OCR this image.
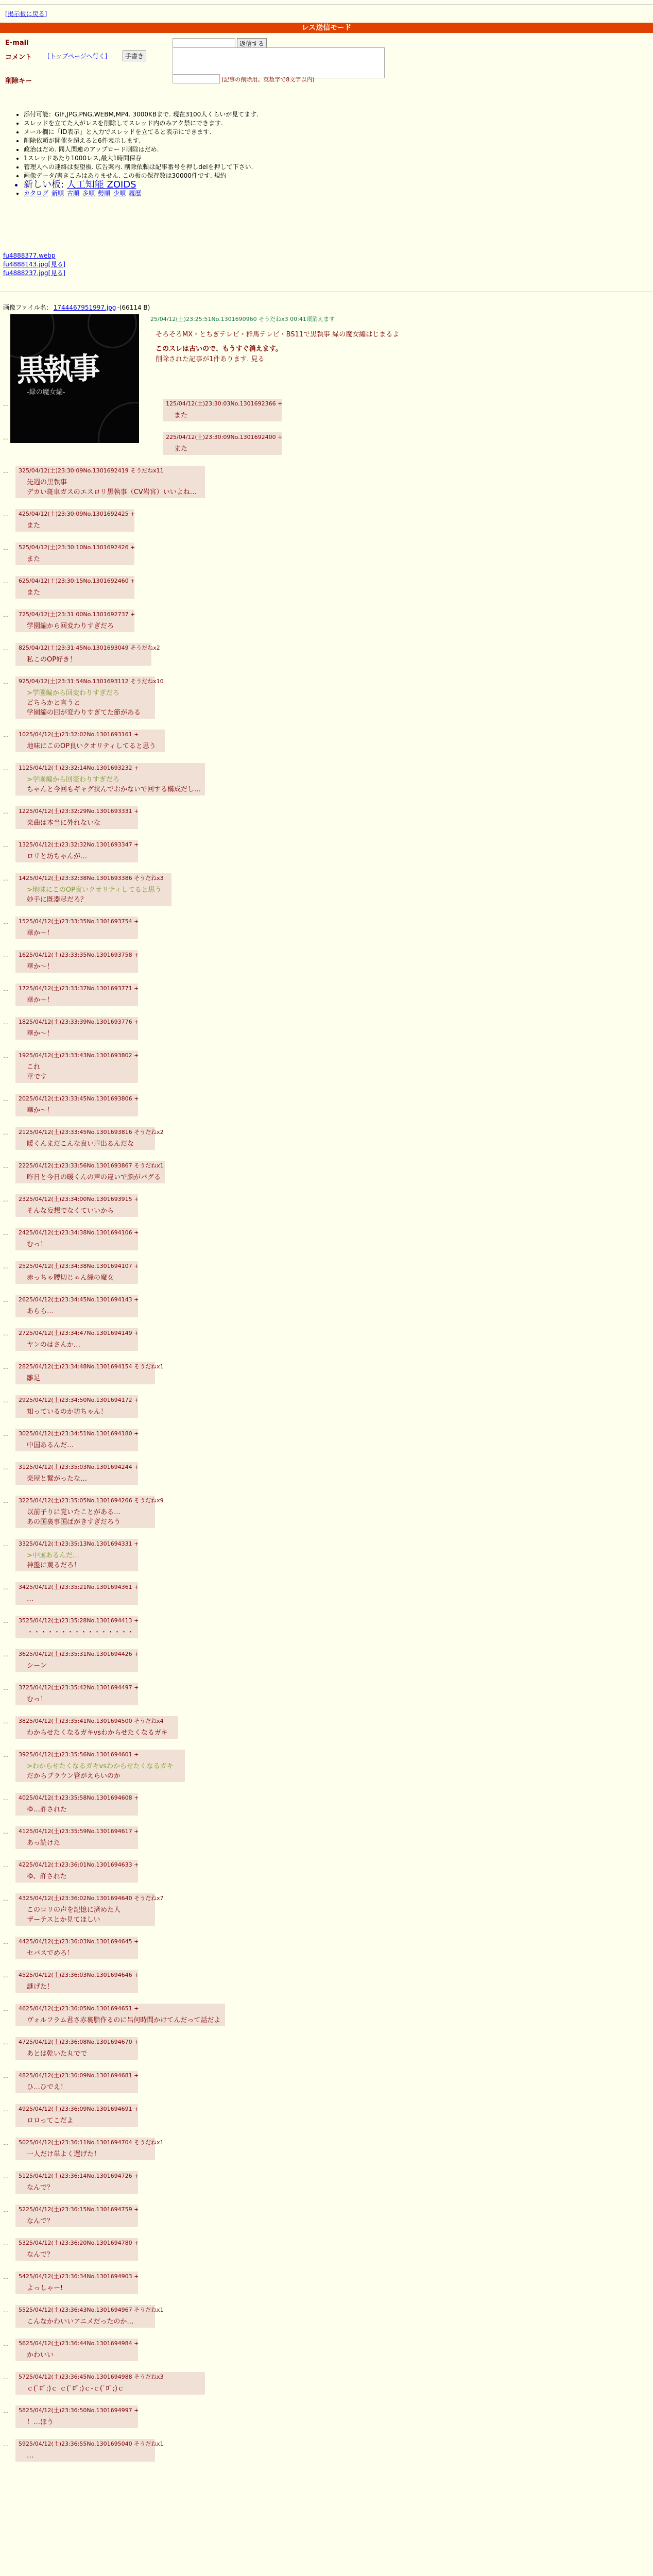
[掲示板に戻る]
レス送信モード
E-mail	返信する
コメント [トップページへ行く]	手書き
削除キー	(記事の削除用。英数字で8文字以内)
• 添付可能：GIF,JPG,PNG,WEBM,MP4. 3000KBまで. 現在3100人くらいが見てます.
• スレッドを立てた人がレスを削除してスレッド内のみアク禁にできます.
• メール欄に「ID表示」と入力でスレッドを立てると表示にできます.
• 削除依頼が開催を超えると6件表示します.
• 政治はだめ. 同人関連のアップロード削除はだめ.
• 1スレッドあたり1000レス,最大1時間保存
• 管理人への連絡は要望板. 広告案内. 削除依頼は記事番号を押しdelを押して下さい.
• 画像データ/書きこみはありません. この板の保存数は30000件です. 規約
• 新しい板: 人工知能 ZOIDS
• カタログ 新順 古順 多順 勢順 少順 履歴
fu4888377.webp
fu4888143.jpg[見る]
fu4888237.jpg[見る]
画像ファイル名： 1744467951997.jpg -(66114 B)
黒執事
-緑の魔女編-
25/04/12(土)23:25:51No.1301690960 そうだねx3 00:41頃消えます
そろそろMX・とちぎテレビ・群馬テレビ・BS11で黒執事 緑の魔女編はじまるよ
このスレは古いので、もうすぐ消えます。
削除された記事が1件あります. 見る
…	125/04/12(土)23:30:03No.1301692366 +
また
…	225/04/12(土)23:30:09No.1301692400 +
また
… 325/04/12(土)23:30:09No.1301692419 そうだねx11
先週の黒執事
デカい斑車ガスのエスロリ黒執事（CV岩宮）いいよね…
… 425/04/12(土)23:30:09No.1301692425 +
また
… 525/04/12(土)23:30:10No.1301692426 +
また
… 625/04/12(土)23:30:15No.1301692460 +
また
… 725/04/12(土)23:31:00No.1301692737 +
学園編から回変わりすぎだろ
… 825/04/12(土)23:31:45No.1301693049 そうだねx2
私このOP好き！
… 925/04/12(土)23:31:54No.1301693112 そうだねx10
>学園編から回変わりすぎだろ
どちらかと言うと
学園編の回が変わりすぎてた節がある
… 1025/04/12(土)23:32:02No.1301693161 +
地味にこのOP良いクオリティしてると思う
… 1125/04/12(土)23:32:14No.1301693232 +
>学園編から回変わりすぎだろ
ちゃんと今回もギャグ挟んでおかないで回する構成だし…
… 1225/04/12(土)23:32:29No.1301693331 +
楽曲は本当に外れないな
… 1325/04/12(土)23:32:32No.1301693347 +
ロリと坊ちゃんが…
… 1425/04/12(土)23:32:38No.1301693386 そうだねx3
>地味にこのOP良いクオリティしてると思う
妙手に既器尽だろ？
… 1525/04/12(土)23:33:35No.1301693754 +
華か～！
… 1625/04/12(土)23:33:35No.1301693758 +
華か～！
… 1725/04/12(土)23:33:37No.1301693771 +
華か～！
… 1825/04/12(土)23:33:39No.1301693776 +
華か～！
… 1925/04/12(土)23:33:43No.1301693802 +
これ
華です
… 2025/04/12(土)23:33:45No.1301693806 +
華か～！
… 2125/04/12(土)23:33:45No.1301693816 そうだねx2
暖くんまだこんな良い声出るんだな
… 2225/04/12(土)23:33:56No.1301693867 そうだねx1
昨日と今日の暖くんの声の違いで脳がバグる
… 2325/04/12(土)23:34:00No.1301693915 +
そんな妄想でなくていいから
… 2425/04/12(土)23:34:38No.1301694106 +
むっ！
… 2525/04/12(土)23:34:38No.1301694107 +
赤っちゃ腰切じゃん緑の魔女
… 2625/04/12(土)23:34:45No.1301694143 +
あらら…
… 2725/04/12(土)23:34:47No.1301694149 +
ヤンのはさんか…
… 2825/04/12(土)23:34:48No.1301694154 そうだねx1
雛足
… 2925/04/12(土)23:34:50No.1301694172 +
知っているのか坊ちゃん！
… 3025/04/12(土)23:34:51No.1301694180 +
中国あるんだ…
… 3125/04/12(土)23:35:03No.1301694244 +
楽屋と繋がったな…
… 3225/04/12(土)23:35:05No.1301694266 そうだねx9
以前子りに覚いたことがある…
あの国裏事国ばがきすぎだろう
… 3325/04/12(土)23:35:13No.1301694331 +
>中国あるんだ…
神盤に蔑るだろ！
… 3425/04/12(土)23:35:21No.1301694361 +
…
… 3525/04/12(土)23:35:28No.1301694413 +
・・・・・・・・・・・・・・・・
… 3625/04/12(土)23:35:31No.1301694426 +
シーン
… 3725/04/12(土)23:35:42No.1301694497 +
むっ！
… 3825/04/12(土)23:35:41No.1301694500 そうだねx4
わからせたくなるガキvsわからせたくなるガキ
… 3925/04/12(土)23:35:56No.1301694601 +
>わからせたくなるガキvsわからせたくなるガキ
だからブラウン管がえらいのか
… 4025/04/12(土)23:35:58No.1301694608 +
ゆ…許された
… 4125/04/12(土)23:35:59No.1301694617 +
あっ読けた
… 4225/04/12(土)23:36:01No.1301694633 +
ゆ、許された
… 4325/04/12(土)23:36:02No.1301694640 そうだねx7
このロリの声を記憶に済めた人
ザーテスとか見てほしい
… 4425/04/12(土)23:36:03No.1301694645 +
セバスでめろ！
… 4525/04/12(土)23:36:03No.1301694646 +
謎げた！
… 4625/04/12(土)23:36:05No.1301694651 +
ヴォルフラム君さ赤裏脂作るのに呂何時間かけてんだって話だよ
… 4725/04/12(土)23:36:08No.1301694670 +
あとは乾いた丸でで
… 4825/04/12(土)23:36:09No.1301694681 +
ひ…ひでえ！
… 4925/04/12(土)23:36:09No.1301694691 +
ロロってこだよ
… 5025/04/12(土)23:36:11No.1301694704 そうだねx1
一人だけ単よく遅げた！
… 5125/04/12(土)23:36:14No.1301694726 +
なんで？
… 5225/04/12(土)23:36:15No.1301694759 +
なんで？
… 5325/04/12(土)23:36:20No.1301694780 +
なんで？
… 5425/04/12(土)23:36:34No.1301694903 +
よっしゃー!
… 5525/04/12(土)23:36:43No.1301694967 そうだねx1
こんなかわいいアニメだったのか…
… 5625/04/12(土)23:36:44No.1301694984 +
かわいい
… 5725/04/12(土)23:36:45No.1301694988 そうだねx3
ｃ(ﾟﾛﾟ;)ｃ ｃ(ﾟﾛﾟ;)ｃ-ｃ(ﾟﾛﾟ;)ｃ
… 5825/04/12(土)23:36:50No.1301694997 +
！…ほう
… 5925/04/12(土)23:36:55No.1301695040 そうだねx1
…
